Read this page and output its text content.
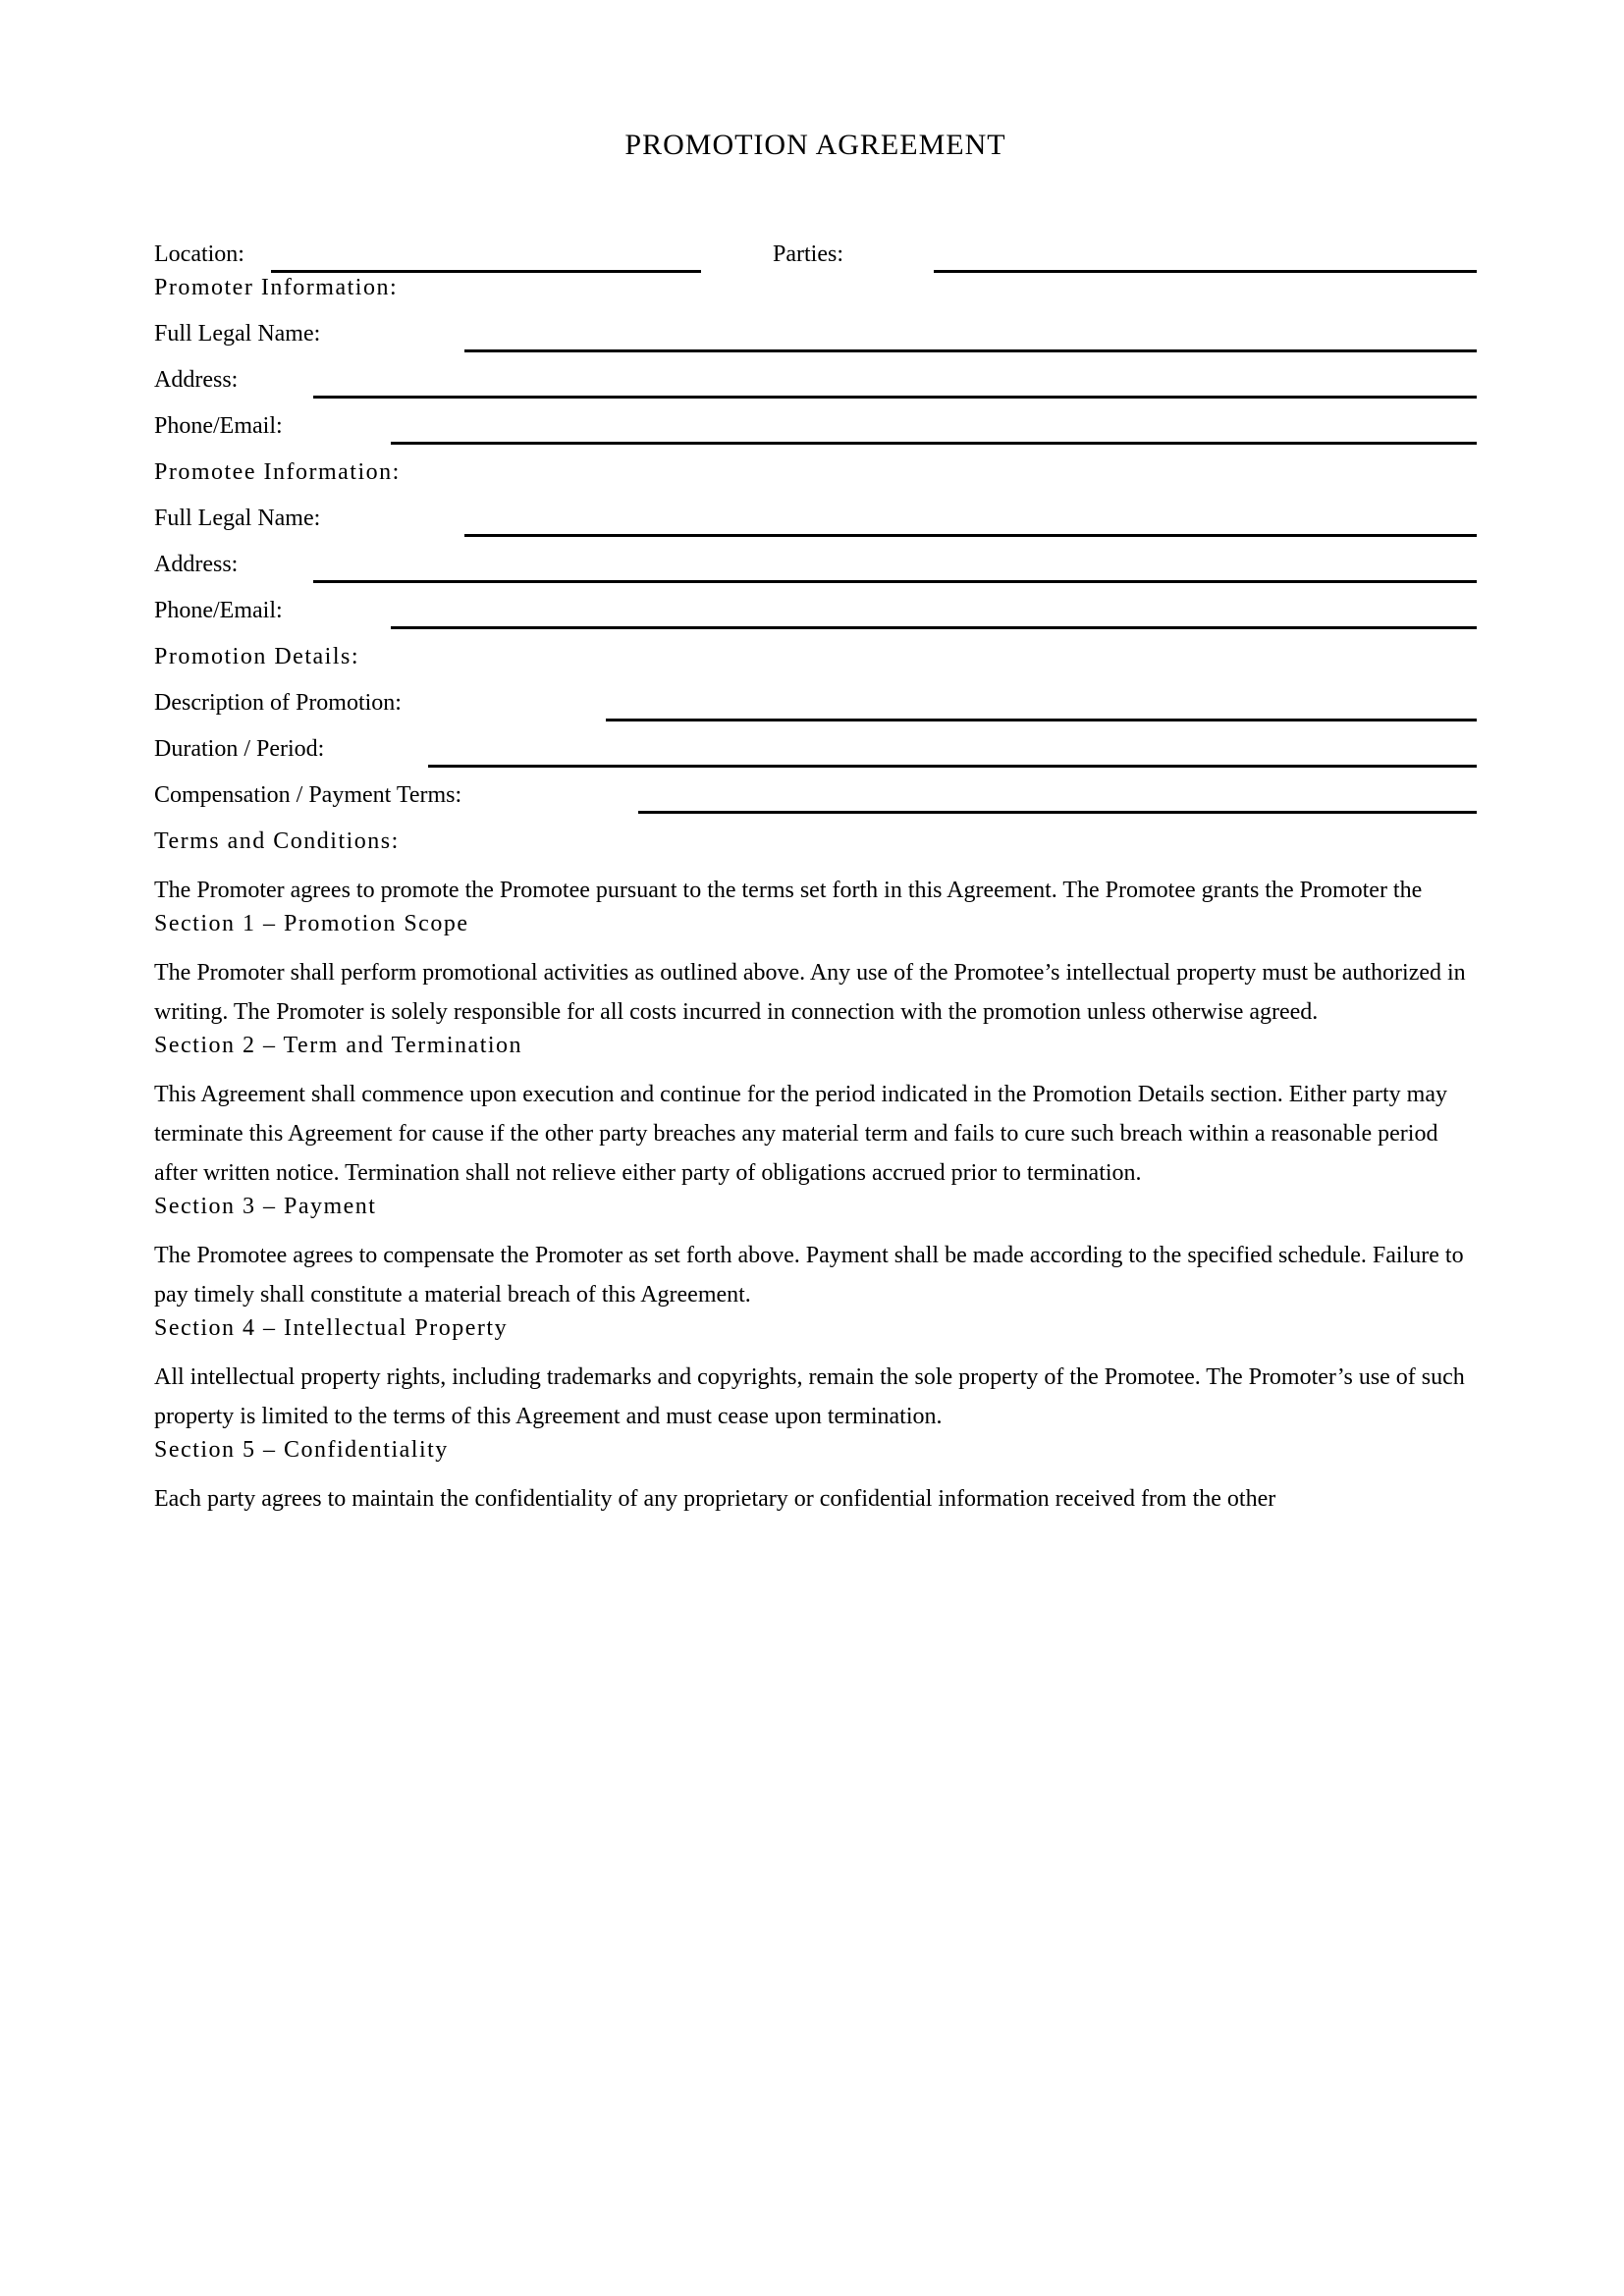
PROMOTION AGREEMENT
Location:	Parties:
Promoter Information:
Full Legal Name:
Address:
Phone/Email:
Promotee Information:
Full Legal Name:
Address:
Phone/Email:
Promotion Details:
Description of Promotion:
Duration / Period:
Compensation / Payment Terms:
Terms and Conditions:

The Promoter agrees to promote the Promotee pursuant to the terms set forth in this Agreement. The Promotee grants the Promoter the

Section 1 – Promotion Scope

The Promoter shall perform promotional activities as outlined above. Any use of the Promotee’s intellectual property must be authorized in writing. The Promoter is solely responsible for all costs incurred in connection with the promotion unless otherwise agreed.

Section 2 – Term and Termination

This Agreement shall commence upon execution and continue for the period indicated in the Promotion Details section. Either party may terminate this Agreement for cause if the other party breaches any material term and fails to cure such breach within a reasonable period after written notice. Termination shall not relieve either party of obligations accrued prior to termination.

Section 3 – Payment

The Promotee agrees to compensate the Promoter as set forth above. Payment shall be made according to the specified schedule. Failure to pay timely shall constitute a material breach of this Agreement.

Section 4 – Intellectual Property

All intellectual property rights, including trademarks and copyrights, remain the sole property of the Promotee. The Promoter’s use of such property is limited to the terms of this Agreement and must cease upon termination.

Section 5 – Confidentiality

Each party agrees to maintain the confidentiality of any proprietary or confidential information received from the other
